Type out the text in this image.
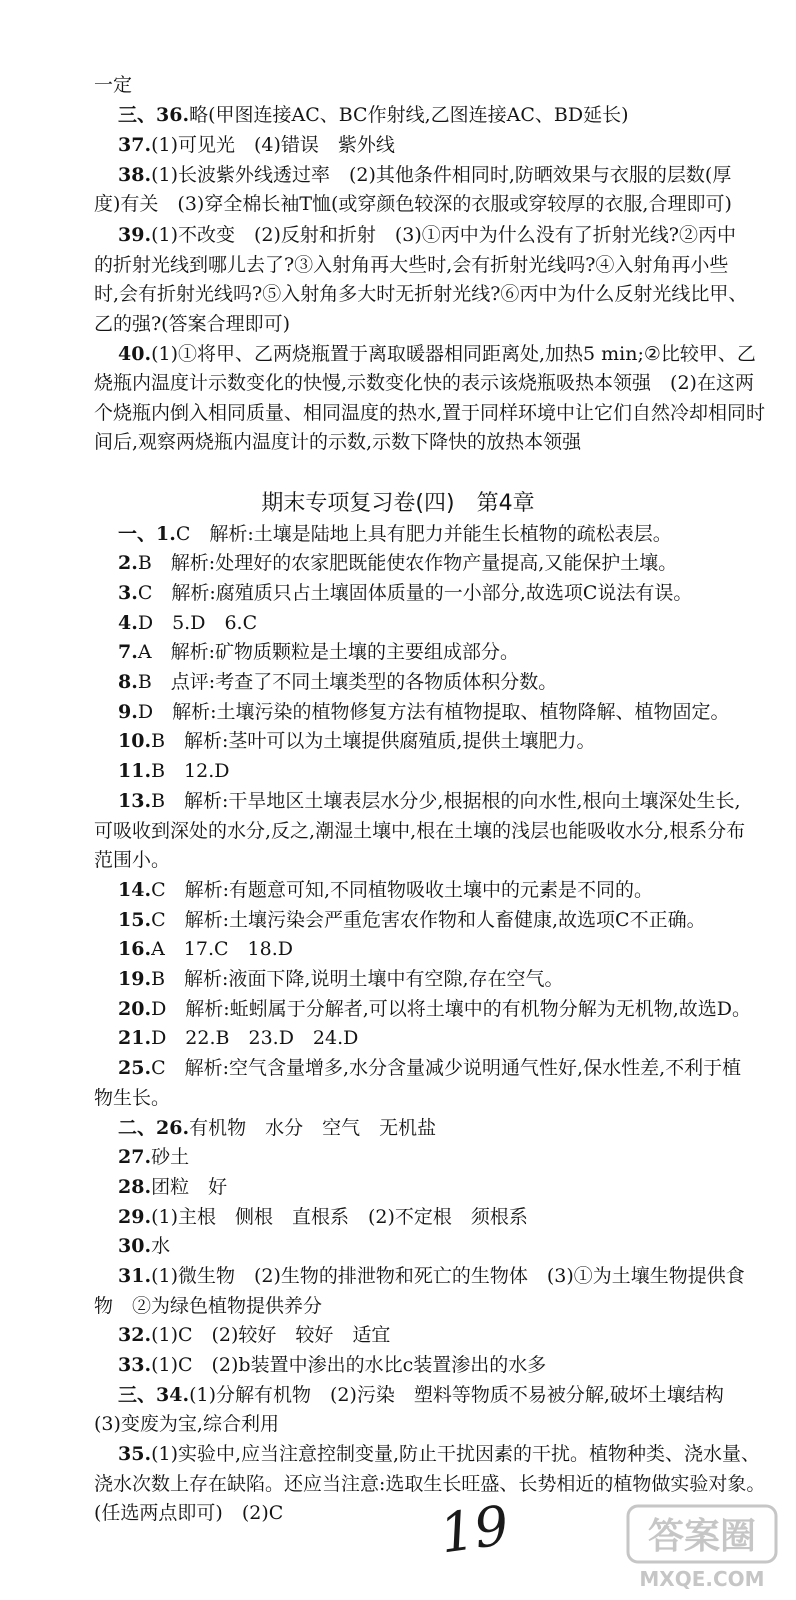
一定
三、36.略(甲图连接AC、BC作射线,乙图连接AC、BD延长)
37.(1)可见光　(4)错误　紫外线
38.(1)长波紫外线透过率　(2)其他条件相同时,防晒效果与衣服的层数(厚
度)有关　(3)穿全棉长袖T恤(或穿颜色较深的衣服或穿较厚的衣服,合理即可)
39.(1)不改变　(2)反射和折射　(3)①丙中为什么没有了折射光线?②丙中
的折射光线到哪儿去了?③入射角再大些时,会有折射光线吗?④入射角再小些
时,会有折射光线吗?⑤入射角多大时无折射光线?⑥丙中为什么反射光线比甲、
乙的强?(答案合理即可)
40.(1)①将甲、乙两烧瓶置于离取暖器相同距离处,加热5 min;②比较甲、乙
烧瓶内温度计示数变化的快慢,示数变化快的表示该烧瓶吸热本领强　(2)在这两
个烧瓶内倒入相同质量、相同温度的热水,置于同样环境中让它们自然冷却相同时
间后,观察两烧瓶内温度计的示数,示数下降快的放热本领强
期末专项复习卷(四)　第4章
一、1.C　解析:土壤是陆地上具有肥力并能生长植物的疏松表层。
2.B　解析:处理好的农家肥既能使农作物产量提高,又能保护土壤。
3.C　解析:腐殖质只占土壤固体质量的一小部分,故选项C说法有误。
4.D　5.D　6.C
7.A　解析:矿物质颗粒是土壤的主要组成部分。
8.B　点评:考查了不同土壤类型的各物质体积分数。
9.D　解析:土壤污染的植物修复方法有植物提取、植物降解、植物固定。
10.B　解析:茎叶可以为土壤提供腐殖质,提供土壤肥力。
11.B　12.D
13.B　解析:干旱地区土壤表层水分少,根据根的向水性,根向土壤深处生长,
可吸收到深处的水分,反之,潮湿土壤中,根在土壤的浅层也能吸收水分,根系分布
范围小。
14.C　解析:有题意可知,不同植物吸收土壤中的元素是不同的。
15.C　解析:土壤污染会严重危害农作物和人畜健康,故选项C不正确。
16.A　17.C　18.D
19.B　解析:液面下降,说明土壤中有空隙,存在空气。
20.D　解析:蚯蚓属于分解者,可以将土壤中的有机物分解为无机物,故选D。
21.D　22.B　23.D　24.D
25.C　解析:空气含量增多,水分含量减少说明通气性好,保水性差,不利于植
物生长。
二、26.有机物　水分　空气　无机盐
27.砂土
28.团粒　好
29.(1)主根　侧根　直根系　(2)不定根　须根系
30.水
31.(1)微生物　(2)生物的排泄物和死亡的生物体　(3)①为土壤生物提供食
物　②为绿色植物提供养分
32.(1)C　(2)较好　较好　适宜
33.(1)C　(2)b装置中渗出的水比c装置渗出的水多
三、34.(1)分解有机物　(2)污染　塑料等物质不易被分解,破坏土壤结构
(3)变废为宝,综合利用
35.(1)实验中,应当注意控制变量,防止干扰因素的干扰。植物种类、浇水量、
浇水次数上存在缺陷。还应当注意:选取生长旺盛、长势相近的植物做实验对象。
(任选两点即可)　(2)C	19	答案圈
MXQE.COM
